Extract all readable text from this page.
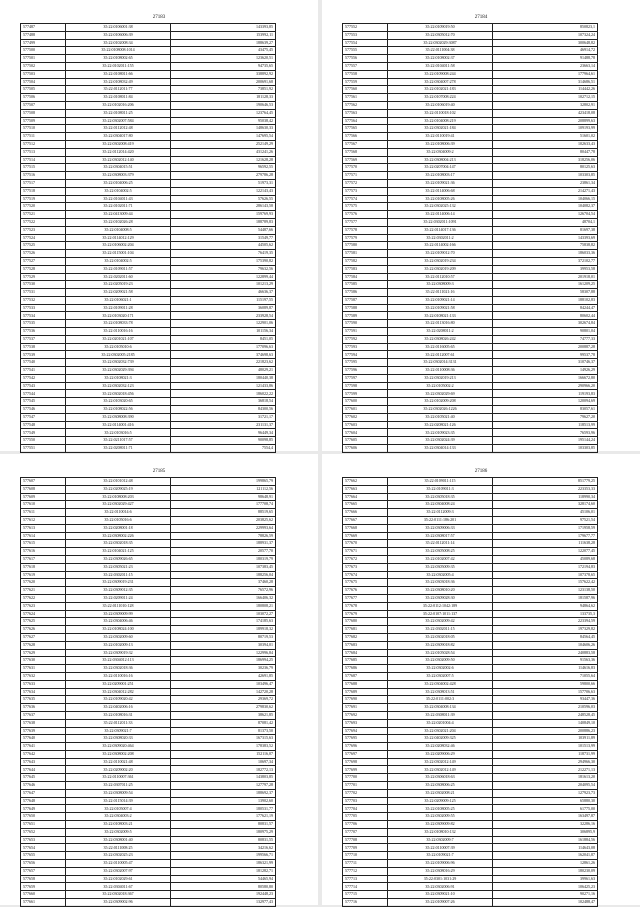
27183
577487	35:22:0106001:38	143393,85
577488	35:22:0106006:39	153992,11
577499	35:22:0102008:34	188639,27
577500	35:22:0108008:1014	43475,45
577501	35:22:0108002:65	123620,51
577502	35:22:0102011:155	94735,65
577503	35:22:0108011:66	338892,92
577504	35:22:0108032:49	200691,68
577505	35:22:0112011:77	73851,92
577506	35:22:0108011:84	181128,33
577507	35:22:0102016:206	190646,53
577508	35:22:0108011:25	123764,45
577509	35:22:0302007:584	95038,42
577510	35:22:0112012:48	148630,33
577511	35:22:0304017:80	147695,54
577512	35:22:0302008:419	252149,29
577513	35:22:0112014:420	431241,26
577514	35:22:0302012:140	121628,28
577515	35:22:0304015:51	96592,55
577516	35:22:0308003:379	279786,28
577517	35:22:0104006:25	51973,31
577518	35:22:0104002:5	122143,43
577519	35:22:0104011:43	57626,55
577520	35:22:0102011:71	286143,58
577521	35:22:0413009:44	159769,93
577522	35:22:0102026:28	188789,83
577523	35:22:0104008:5	54487,66
577524	35:22:0114012:129	31549,77
577525	35:22:0106002:204	44505,62
577526	35:22:0115001:104	76419,35
577527	35:22:0104002:5	175390,82
577528	35:22:0109011:57	79632,56
577529	35:22:0202011:60	122899,44
577530	35:22:0205019:23	101213,29
577531	35:22:0209021:58	46636,37
577532	35:22:0106021:1	115197,55
577533	35:22:0109011:28	36089,87
577534	35:22:0103020:171	233928,54
577535	35:22:0108033:78	122901,06
577536	35:22:0110016:16	101156,34
577537	35:22:0201021:107	8451,05
577538	35:22:0105010:6	177096,63
577539	35:22:0302005:2185	374698,63
577540	35:22:0302032:739	221823,62
577541	35:22:0302029:394	48029,21
577542	35:22:0108021:3	180440,38
577543	35:22:0302032:123	121433,86
577544	35:22:0302018:456	186022,22
577545	35:22:0103020:65	36818,54
577546	35:22:0108022:56	84300,56
577547	35:22:0308008:390	31721,17
577548	35:22:0114001:416	231131,37
577549	35:22:0103016:5	96449,34
577550	35:22:0211017:57	90098,85
577551	35:22:0208011:71	7554,4
27184
577552	35:22:0109019:50	850823,1
577553	35:22:0305012:70	107324,24
577554	35:22:0302029:3087	300648,82
577555	35:22:0111004:38	46914,72
577556	35:22:0108002:37	91488,78
577557	35:22:0104011:58	23663,14
577558	35:22:0109008:244	177964,61
577559	35:22:0304007:278	314686,51
577560	35:22:0102021:183	114442,26
577561	35:22:0107008:224	102712,15
577562	35:22:0106019:40	32802,91
577563	35:22:0110018:102	423418,08
577564	35:22:0104008:219	208899,63
577565	35:22:0302021:184	109193,99
577566	35:22:0110019:41	51601,02
577567	35:22:0108006:39	102633,43
577568	35:22:0304009:2	80447,78
577569	35:22:0308004:213	318256,06
577570	35:22:0207004:147	80125,63
577571	35:22:0108003:17	103303,85
577572	35:22:0109021:36	23861,34
577573	35:22:0114006:68	214271,43
577574	35:22:0108005:26	104066,15
577575	35:22:0302025:132	104082,37
577576	35:22:0114006:14	126704,54
577577	35:22:0302011:1091	48704,1
577578	35:22:0114017:136	81697,38
577579	35:22:0302011:2	143393,69
577580	35:22:0114002:166	75838,82
577581	35:22:0109012:70	186033,36
577582	35:22:0302019:234	372102,77
577583	35:22:0302019:209	39953,58
577584	35:22:0112010:57	201918,01
577585	35:22:0308009:3	161209,25
577586	35:22:0111021:16	58307,88
577587	35:22:0109021:14	188102,83
577588	35:22:0109021:58	84244,47
577589	35:22:0108021:133	80602,44
577590	35:22:0113016:80	302674,84
577591	35:22:0208011:2	90801,04
577592	35:22:0308026:242	74777,33
577593	35:22:0116005:65	200887,28
577594	35:22:0112007:61	99537,78
577595	35:22:0302014:3131	310746,37
577596	35:22:0110008:36	14926,29
577597	35:22:0302019:213	166672,80
577598	35:22:0105002:2	290966,20
577599	35:22:0302029:69	119193,83
577600	35:22:0102009:208	120094,69
577601	35:22:0302026:1226	83057,61
577602	35:22:0105021:40	79627,20
577603	35:22:0208021:126	118513,99
577604	35:22:0109023:35	76593,96
577605	35:22:0302024:39	195144,24
577606	35:22:0304014:133	103303,85
27185
577607	35:22:0101012:48	199865,79
577608	35:22:0209025:19	121112,56
577609	35:22:0108008:203	98648,91
577610	35:22:0302029:427	177708,74
577611	35:22:0110014:6	88519,65
577612	35:22:0105016:6	203825,62
577613	35:22:0208001:18	229993,64
577614	35:22:0308002:226	78826,59
577615	35:22:0302018:35	188931,37
577616	35:22:0104021:125	20577,70
577617	35:22:0309026:65	180319,79
577618	35:22:0305021:23	107383,45
577619	35:22:0302011:15	188256,04
577620	35:22:0309019:231	37460,28
577621	35:22:0309012:35	76572,96
577622	35:22:0209011:24	166406,32
577623	35:22:0111010:128	180808,21
577624	35:22:0309009:99	103072,27
577625	35:22:0304006:46	174185,63
577626	35:22:0108024:100	189918,32
577627	35:22:0302009:60	80719,53
577628	35:22:0102009:13	30394,01
577629	35:22:0309019:32	122996,84
577630	35:22:0304012:113	186994,25
577631	35:22:0302018:36	30236,79
577632	35:22:0110016:16	42691,85
577633	35:22:0209001:251	103496,47
577634	35:22:0304012:282	142720,28
577635	35:22:0109020:42	29369,72
577636	35:22:0402006:16	279830,62
577637	35:22:0108016:31	38621,85
577638	35:22:0112011:33	87081,42
577639	35:22:0309021:7	81373,50
577640	35:22:0308020:33	167315,63
577641	35:22:0309020:464	178383,52
577642	35:22:0308002:208	152116,07
577643	35:22:0110021:48	10697,34
577644	35:22:0209002:20	182772,13
577645	35:22:0110007:361	143803,85
577646	35:22:0307011:25	127797,28
577647	35:22:0308009:54	188692,37
577648	35:22:0115014:39	13902,60
577649	35:22:0105007:4	180531,77
577650	35:22:0304003:2	177621,19
577651	35:22:0108003:21	80831,57
577652	35:22:0302009:5	180975,29
577653	35:22:0308001:40	80831,55
577654	35:22:0111008:25	34216,62
577655	35:22:0302025:23	199566,71
577656	35:22:0110005:47	186321,99
577657	35:22:0302007:97	181282,71
577658	35:22:0102029:61	54465,94
577659	35:22:0304011:67	80580,80
577660	35:22:0302018:367	192448,23
577661	35:22:0309002:96	132977,43
27186
577662	35:22:0109011:115	851779,25
577663	35:22:0109011:3	223353,33
577664	35:22:0305018:35	118990,34
577665	35:22:0304008:24	328174,60
577666	35:22:0112009:3	45106,01
577667	35:22:0111:186:201	97521,54
577668	35:22:0309006:33	171958,59
577669	35:22:0308017:57	179677,77
577670	35:22:0112011:14	111638,28
577671	35:22:0305008:25	122077,45
577672	35:22:0102007:42	45089,68
577673	35:22:0305009:35	172194,83
577674	35:22:0302005:4	107378,65
577675	35:22:0303018:36	157622,42
577676	35:22:0308010:20	123138,50
577677	35:22:0309028:30	181587,96
577678	35:22:0112:1042:189	94864,62
577679	35:22:0107:1011:137	133735,3
577680	35:22:0302009:42	223394,59
577681	35:22:0302011:15	197329,82
577682	35:22:0302018:05	84564,45
577683	35:22:0309018:82	104606,26
577684	35:22:0105028:54	240883,58
577685	35:22:0302009:50	91563,36
577686	35:22:0302002:6	114616,83
577687	35:22:0302007:5	71055,64
577688	35:22:0304002:428	59800,66
577689	35:22:0308013:51	157706,63
577690	35:22:0111:002:3	93447,36
577691	35:22:0304008:134	210596,03
577692	35:22:0308011:39	248528,45
577693	35:22:0201004:4	140849,10
577694	35:22:0302021:204	200886,23
577695	35:22:0402009:325	103911,89
577696	35:22:0208032:46	101513,99
577697	35:22:0209006:29	118731,99
577698	35:22:0302012:149	294966,30
577699	35:22:0302012:149	212271,13
577700	35:22:0306018:63	181613,20
577701	35:22:0308006:25	204095,54
577702	35:22:0302008:21	127923,73
577703	35:22:0209009:125	65880,30
577704	35:22:0108005:25	61775,00
577705	35:22:0302009:55	163497,87
577706	35:22:0309009:82	32286,16
577707	35:22:0108010:132	306895,9
577708	35:22:0302009:7	161884,56
577709	35:22:0110007:39	114643,08
577710	35:22:0109021:7	162041,87
577711	35:22:0109006:96	12861,26
577712	35:22:0308016:29	180230,09
577713	35:22:0301:1031:29	39961,63
577714	35:22:0302006:91	106425,23
577715	35:22:0309021:10	90271,16
577716	35:22:0109007:26	102488,47
